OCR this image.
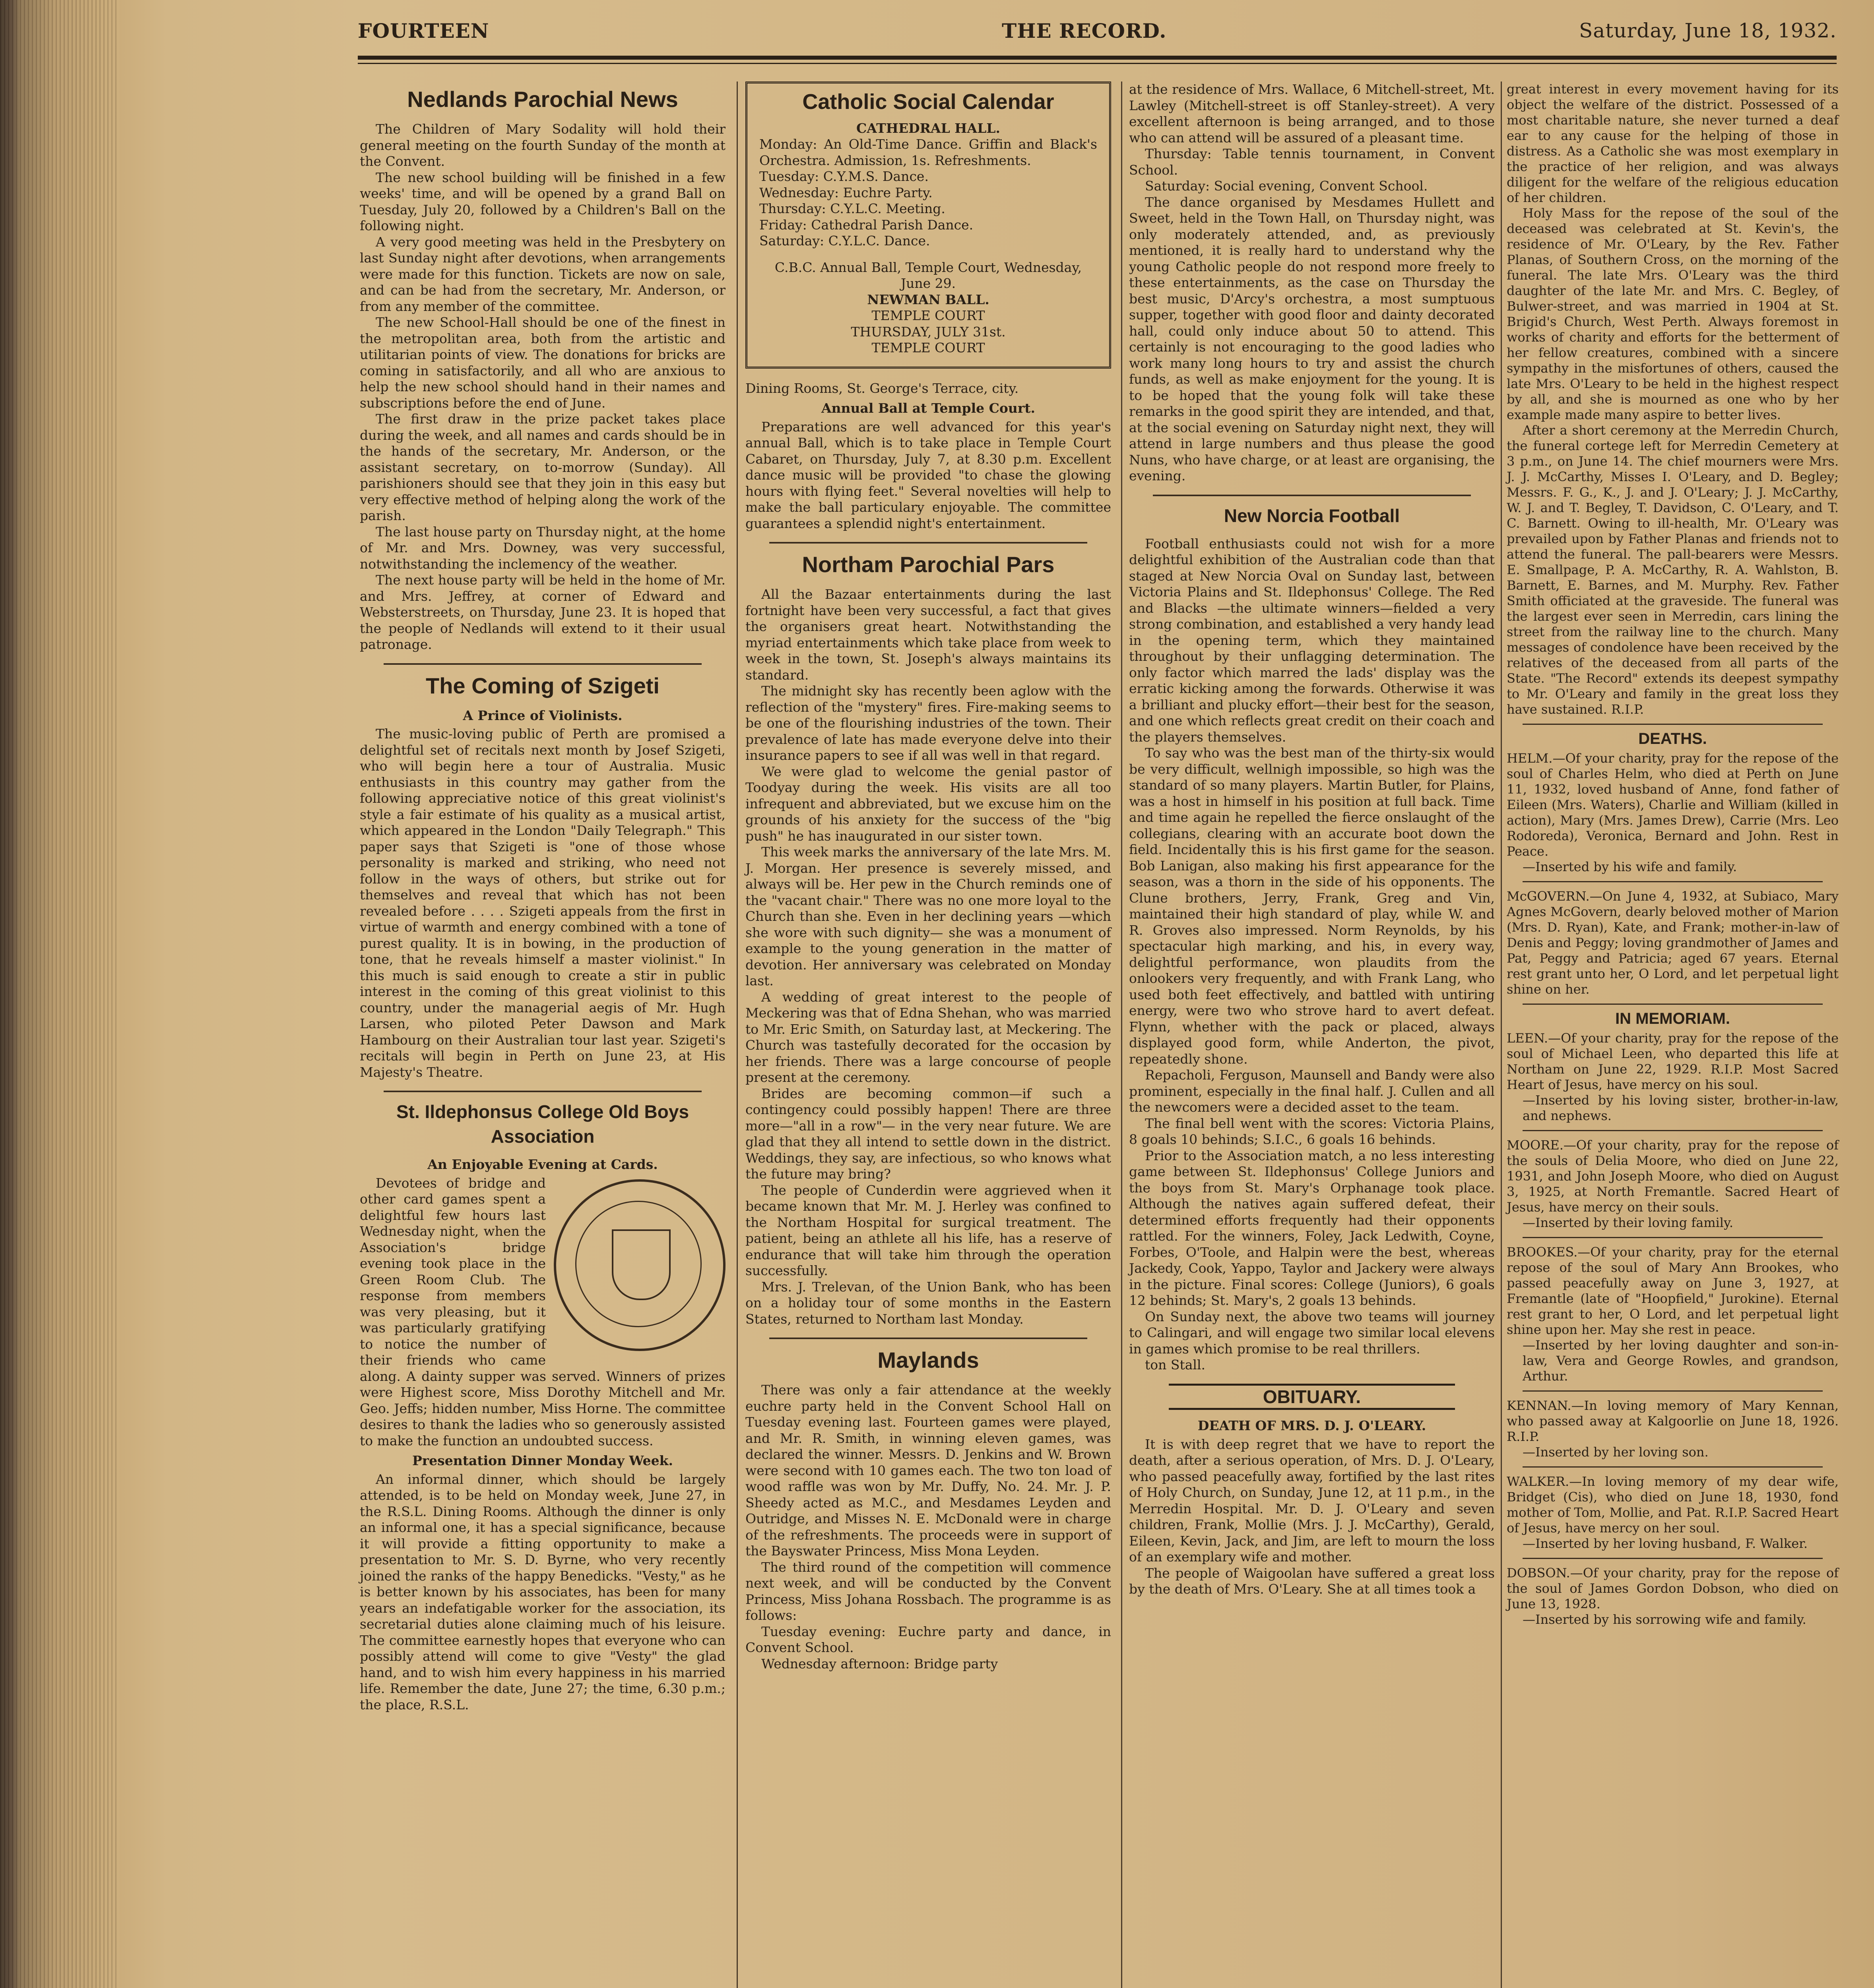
FOURTEEN	THE RECORD.	Saturday, June 18, 1932.
Nedlands Parochial News

The Children of Mary Sodality will hold their general meeting on the fourth Sunday of the month at the Convent.

The new school building will be finished in a few weeks' time, and will be opened by a grand Ball on Tuesday, July 20, followed by a Children's Ball on the following night.

A very good meeting was held in the Presbytery on last Sunday night after devotions, when arrangements were made for this function. Tickets are now on sale, and can be had from the secretary, Mr. Anderson, or from any member of the committee.

The new School-Hall should be one of the finest in the metropolitan area, both from the artistic and utilitarian points of view. The donations for bricks are coming in satisfactorily, and all who are anxious to help the new school should hand in their names and subscriptions before the end of June.

The first draw in the prize packet takes place during the week, and all names and cards should be in the hands of the secretary, Mr. Anderson, or the assistant secretary, on to-morrow (Sunday). All parishioners should see that they join in this easy but very effective method of helping along the work of the parish.

The last house party on Thursday night, at the home of Mr. and Mrs. Downey, was very successful, notwithstanding the inclemency of the weather.

The next house party will be held in the home of Mr. and Mrs. Jeffrey, at corner of Edward and Websterstreets, on Thursday, June 23. It is hoped that the people of Nedlands will extend to it their usual patronage.

The Coming of Szigeti
A Prince of Violinists.

The music-loving public of Perth are promised a delightful set of recitals next month by Josef Szigeti, who will begin here a tour of Australia. Music enthusiasts in this country may gather from the following appreciative notice of this great violinist's style a fair estimate of his quality as a musical artist, which appeared in the London "Daily Telegraph." This paper says that Szigeti is "one of those whose personality is marked and striking, who need not follow in the ways of others, but strike out for themselves and reveal that which has not been revealed before . . . . Szigeti appeals from the first in virtue of warmth and energy combined with a tone of purest quality. It is in bowing, in the production of tone, that he reveals himself a master violinist." In this much is said enough to create a stir in public interest in the coming of this great violinist to this country, under the managerial aegis of Mr. Hugh Larsen, who piloted Peter Dawson and Mark Hambourg on their Australian tour last year. Szigeti's recitals will begin in Perth on June 23, at His Majesty's Theatre.

St. Ildephonsus College Old Boys Association
An Enjoyable Evening at Cards.

Devotees of bridge and other card games spent a delightful few hours last Wednesday night, when the Association's bridge evening took place in the Green Room Club. The response from members was very pleasing, but it was particularly gratifying to notice the number of their friends who came along. A dainty supper was served. Winners of prizes were Highest score, Miss Dorothy Mitchell and Mr. Geo. Jeffs; hidden number, Miss Horne. The committee desires to thank the ladies who so generously assisted to make the function an undoubted success.

Presentation Dinner Monday Week.

An informal dinner, which should be largely attended, is to be held on Monday week, June 27, in the R.S.L. Dining Rooms. Although the dinner is only an informal one, it has a special significance, because it will provide a fitting opportunity to make a presentation to Mr. S. D. Byrne, who very recently joined the ranks of the happy Benedicks. "Vesty," as he is better known by his associates, has been for many years an indefatigable worker for the association, its secretarial duties alone claiming much of his leisure. The committee earnestly hopes that everyone who can possibly attend will come to give "Vesty" the glad hand, and to wish him every happiness in his married life. Remember the date, June 27; the time, 6.30 p.m.; the place, R.S.L.

Catholic Social Calendar
CATHEDRAL HALL.
Monday: An Old-Time Dance. Griffin and Black's Orchestra. Admission, 1s. Refreshments.
Tuesday: C.Y.M.S. Dance.
Wednesday: Euchre Party.
Thursday: C.Y.L.C. Meeting.
Friday: Cathedral Parish Dance.
Saturday: C.Y.L.C. Dance.
C.B.C. Annual Ball, Temple Court, Wednesday, June 29.
NEWMAN BALL.
TEMPLE COURT
THURSDAY, JULY 31st.
TEMPLE COURT

Dining Rooms, St. George's Terrace, city.

Annual Ball at Temple Court.

Preparations are well advanced for this year's annual Ball, which is to take place in Temple Court Cabaret, on Thursday, July 7, at 8.30 p.m. Excellent dance music will be provided "to chase the glowing hours with flying feet." Several novelties will help to make the ball particulary enjoyable. The committee guarantees a splendid night's entertainment.

Northam Parochial Pars

All the Bazaar entertainments during the last fortnight have been very successful, a fact that gives the organisers great heart. Notwithstanding the myriad entertainments which take place from week to week in the town, St. Joseph's always maintains its standard.

The midnight sky has recently been aglow with the reflection of the "mystery" fires. Fire-making seems to be one of the flourishing industries of the town. Their prevalence of late has made everyone delve into their insurance papers to see if all was well in that regard.

We were glad to welcome the genial pastor of Toodyay during the week. His visits are all too infrequent and abbreviated, but we excuse him on the grounds of his anxiety for the success of the "big push" he has inaugurated in our sister town.

This week marks the anniversary of the late Mrs. M. J. Morgan. Her presence is severely missed, and always will be. Her pew in the Church reminds one of the "vacant chair." There was no one more loyal to the Church than she. Even in her declining years —which she wore with such dignity— she was a monument of example to the young generation in the matter of devotion. Her anniversary was celebrated on Monday last.

A wedding of great interest to the people of Meckering was that of Edna Shehan, who was married to Mr. Eric Smith, on Saturday last, at Meckering. The Church was tastefully decorated for the occasion by her friends. There was a large concourse of people present at the ceremony.

Brides are becoming common—if such a contingency could possibly happen! There are three more—"all in a row"— in the very near future. We are glad that they all intend to settle down in the district. Weddings, they say, are infectious, so who knows what the future may bring?

The people of Cunderdin were aggrieved when it became known that Mr. M. J. Herley was confined to the Northam Hospital for surgical treatment. The patient, being an athlete all his life, has a reserve of endurance that will take him through the operation successfully.

Mrs. J. Trelevan, of the Union Bank, who has been on a holiday tour of some months in the Eastern States, returned to Northam last Monday.

Maylands

There was only a fair attendance at the weekly euchre party held in the Convent School Hall on Tuesday evening last. Fourteen games were played, and Mr. R. Smith, in winning eleven games, was declared the winner. Messrs. D. Jenkins and W. Brown were second with 10 games each. The two ton load of wood raffle was won by Mr. Duffy, No. 24. Mr. J. P. Sheedy acted as M.C., and Mesdames Leyden and Outridge, and Misses N. E. McDonald were in charge of the refreshments. The proceeds were in support of the Bayswater Princess, Miss Mona Leyden.

The third round of the competition will commence next week, and will be conducted by the Convent Princess, Miss Johana Rossbach. The programme is as follows:

Tuesday evening: Euchre party and dance, in Convent School.

Wednesday afternoon: Bridge party

at the residence of Mrs. Wallace, 6 Mitchell-street, Mt. Lawley (Mitchell-street is off Stanley-street). A very excellent afternoon is being arranged, and to those who can attend will be assured of a pleasant time.

Thursday: Table tennis tournament, in Convent School.

Saturday: Social evening, Convent School.

The dance organised by Mesdames Hullett and Sweet, held in the Town Hall, on Thursday night, was only moderately attended, and, as previously mentioned, it is really hard to understand why the young Catholic people do not respond more freely to these entertainments, as the case on Thursday the best music, D'Arcy's orchestra, a most sumptuous supper, together with good floor and dainty decorated hall, could only induce about 50 to attend. This certainly is not encouraging to the good ladies who work many long hours to try and assist the church funds, as well as make enjoyment for the young. It is to be hoped that the young folk will take these remarks in the good spirit they are intended, and that, at the social evening on Saturday night next, they will attend in large numbers and thus please the good Nuns, who have charge, or at least are organising, the evening.

New Norcia Football

Football enthusiasts could not wish for a more delightful exhibition of the Australian code than that staged at New Norcia Oval on Sunday last, between Victoria Plains and St. Ildephonsus' College. The Red and Blacks —the ultimate winners—fielded a very strong combination, and established a very handy lead in the opening term, which they maintained throughout by their unflagging determination. The only factor which marred the lads' display was the erratic kicking among the forwards. Otherwise it was a brilliant and plucky effort—their best for the season, and one which reflects great credit on their coach and the players themselves.

To say who was the best man of the thirty-six would be very difficult, wellnigh impossible, so high was the standard of so many players. Martin Butler, for Plains, was a host in himself in his position at full back. Time and time again he repelled the fierce onslaught of the collegians, clearing with an accurate boot down the field. Incidentally this is his first game for the season. Bob Lanigan, also making his first appearance for the season, was a thorn in the side of his opponents. The Clune brothers, Jerry, Frank, Greg and Vin, maintained their high standard of play, while W. and R. Groves also impressed. Norm Reynolds, by his spectacular high marking, and his, in every way, delightful performance, won plaudits from the onlookers very frequently, and with Frank Lang, who used both feet effectively, and battled with untiring energy, were two who strove hard to avert defeat. Flynn, whether with the pack or placed, always displayed good form, while Anderton, the pivot, repeatedly shone.

Repacholi, Ferguson, Maunsell and Bandy were also prominent, especially in the final half. J. Cullen and all the newcomers were a decided asset to the team.

The final bell went with the scores: Victoria Plains, 8 goals 10 behinds; S.I.C., 6 goals 16 behinds.

Prior to the Association match, a no less interesting game between St. Ildephonsus' College Juniors and the boys from St. Mary's Orphanage took place. Although the natives again suffered defeat, their determined efforts frequently had their opponents rattled. For the winners, Foley, Jack Ledwith, Coyne, Forbes, O'Toole, and Halpin were the best, whereas Jackedy, Cook, Yappo, Taylor and Jackery were always in the picture. Final scores: College (Juniors), 6 goals 12 behinds; St. Mary's, 2 goals 13 behinds.

On Sunday next, the above two teams will journey to Calingari, and will engage two similar local elevens in games which promise to be real thrillers.

ton Stall.

OBITUARY.
DEATH OF MRS. D. J. O'LEARY.

It is with deep regret that we have to report the death, after a serious operation, of Mrs. D. J. O'Leary, who passed peacefully away, fortified by the last rites of Holy Church, on Sunday, June 12, at 11 p.m., in the Merredin Hospital. Mr. D. J. O'Leary and seven children, Frank, Mollie (Mrs. J. J. McCarthy), Gerald, Eileen, Kevin, Jack, and Jim, are left to mourn the loss of an exemplary wife and mother.

The people of Waigoolan have suffered a great loss by the death of Mrs. O'Leary. She at all times took a

great interest in every movement having for its object the welfare of the district. Possessed of a most charitable nature, she never turned a deaf ear to any cause for the helping of those in distress. As a Catholic she was most exemplary in the practice of her religion, and was always diligent for the welfare of the religious education of her children.

Holy Mass for the repose of the soul of the deceased was celebrated at St. Kevin's, the residence of Mr. O'Leary, by the Rev. Father Planas, of Southern Cross, on the morning of the funeral. The late Mrs. O'Leary was the third daughter of the late Mr. and Mrs. C. Begley, of Bulwer-street, and was married in 1904 at St. Brigid's Church, West Perth. Always foremost in works of charity and efforts for the betterment of her fellow creatures, combined with a sincere sympathy in the misfortunes of others, caused the late Mrs. O'Leary to be held in the highest respect by all, and she is mourned as one who by her example made many aspire to better lives.

After a short ceremony at the Merredin Church, the funeral cortege left for Merredin Cemetery at 3 p.m., on June 14. The chief mourners were Mrs. J. J. McCarthy, Misses I. O'Leary, and D. Begley; Messrs. F. G., K., J. and J. O'Leary; J. J. McCarthy, W. J. and T. Begley, T. Davidson, C. O'Leary, and T. C. Barnett. Owing to ill-health, Mr. O'Leary was prevailed upon by Father Planas and friends not to attend the funeral. The pall-bearers were Messrs. E. Smallpage, P. A. McCarthy, R. A. Wahlston, B. Barnett, E. Barnes, and M. Murphy. Rev. Father Smith officiated at the graveside. The funeral was the largest ever seen in Merredin, cars lining the street from the railway line to the church. Many messages of condolence have been received by the relatives of the deceased from all parts of the State. "The Record" extends its deepest sympathy to Mr. O'Leary and family in the great loss they have sustained. R.I.P.

DEATHS.

HELM.—Of your charity, pray for the repose of the soul of Charles Helm, who died at Perth on June 11, 1932, loved husband of Anne, fond father of Eileen (Mrs. Waters), Charlie and William (killed in action), Mary (Mrs. James Drew), Carrie (Mrs. Leo Rodoreda), Veronica, Bernard and John. Rest in Peace.

—Inserted by his wife and family.

McGOVERN.—On June 4, 1932, at Subiaco, Mary Agnes McGovern, dearly beloved mother of Marion (Mrs. D. Ryan), Kate, and Frank; mother-in-law of Denis and Peggy; loving grandmother of James and Pat, Peggy and Patricia; aged 67 years. Eternal rest grant unto her, O Lord, and let perpetual light shine on her.

IN MEMORIAM.

LEEN.—Of your charity, pray for the repose of the soul of Michael Leen, who departed this life at Northam on June 22, 1929. R.I.P. Most Sacred Heart of Jesus, have mercy on his soul.

—Inserted by his loving sister, brother-in-law, and nephews.

MOORE.—Of your charity, pray for the repose of the souls of Delia Moore, who died on June 22, 1931, and John Joseph Moore, who died on August 3, 1925, at North Fremantle. Sacred Heart of Jesus, have mercy on their souls.

—Inserted by their loving family.

BROOKES.—Of your charity, pray for the eternal repose of the soul of Mary Ann Brookes, who passed peacefully away on June 3, 1927, at Fremantle (late of "Hoopfield," Jurokine). Eternal rest grant to her, O Lord, and let perpetual light shine upon her. May she rest in peace.

—Inserted by her loving daughter and son-in-law, Vera and George Rowles, and grandson, Arthur.

KENNAN.—In loving memory of Mary Kennan, who passed away at Kalgoorlie on June 18, 1926. R.I.P.

—Inserted by her loving son.

WALKER.—In loving memory of my dear wife, Bridget (Cis), who died on June 18, 1930, fond mother of Tom, Mollie, and Pat. R.I.P. Sacred Heart of Jesus, have mercy on her soul.

—Inserted by her loving husband, F. Walker.

DOBSON.—Of your charity, pray for the repose of the soul of James Gordon Dobson, who died on June 13, 1928.

—Inserted by his sorrowing wife and family.
